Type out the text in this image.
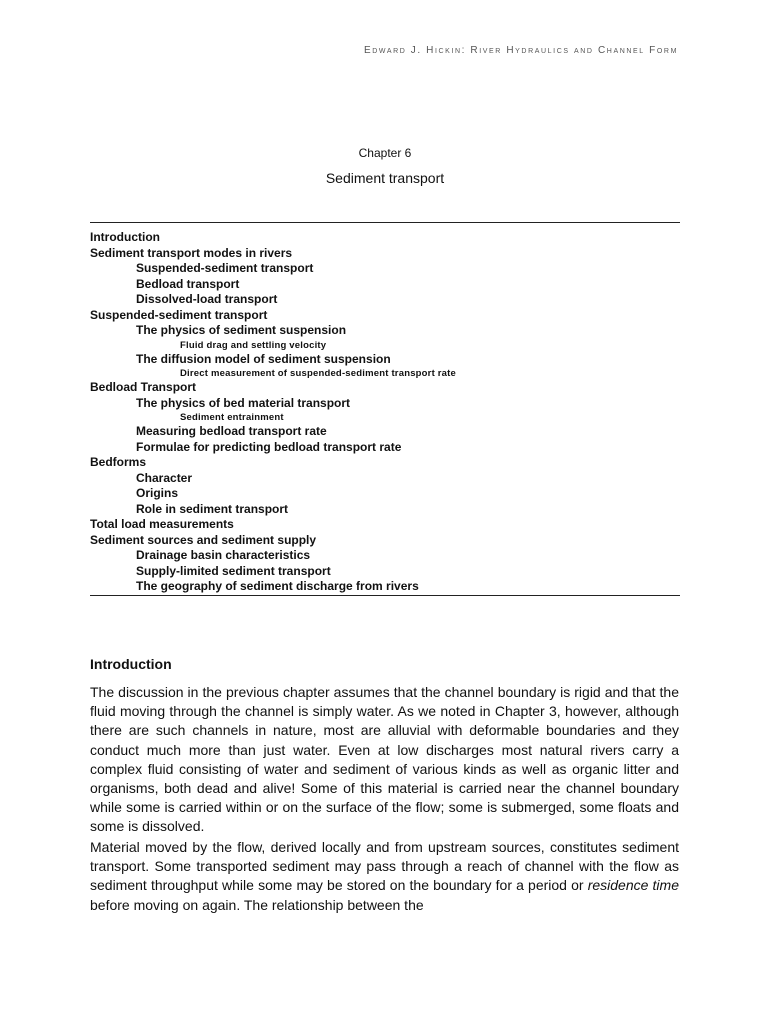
Edward J. Hickin: River Hydraulics and Channel Form
Chapter 6
Sediment transport
Introduction
Sediment transport modes in rivers
Suspended-sediment transport
Bedload transport
Dissolved-load transport
Suspended-sediment transport
The physics of sediment suspension
Fluid drag and settling velocity
The diffusion model of sediment suspension
Direct measurement of suspended-sediment transport rate
Bedload Transport
The physics of bed material transport
Sediment entrainment
Measuring bedload transport rate
Formulae for predicting bedload transport rate
Bedforms
Character
Origins
Role in sediment transport
Total load measurements
Sediment sources and sediment supply
Drainage basin characteristics
Supply-limited sediment transport
The geography of sediment discharge from rivers
Introduction

The discussion in the previous chapter assumes that the channel boundary is rigid and that the fluid moving through the channel is simply water. As we noted in Chapter 3, however, although there are such channels in nature, most are alluvial with deformable boundaries and they conduct much more than just water. Even at low discharges most natural rivers carry a complex fluid consisting of water and sediment of various kinds as well as organic litter and organisms, both dead and alive! Some of this material is carried near the channel boundary while some is carried within or on the surface of the flow; some is submerged, some floats and some is dissolved.

Material moved by the flow, derived locally and from upstream sources, constitutes sediment transport. Some transported sediment may pass through a reach of channel with the flow as sediment throughput while some may be stored on the boundary for a period or residence time before moving on again. The relationship between the
